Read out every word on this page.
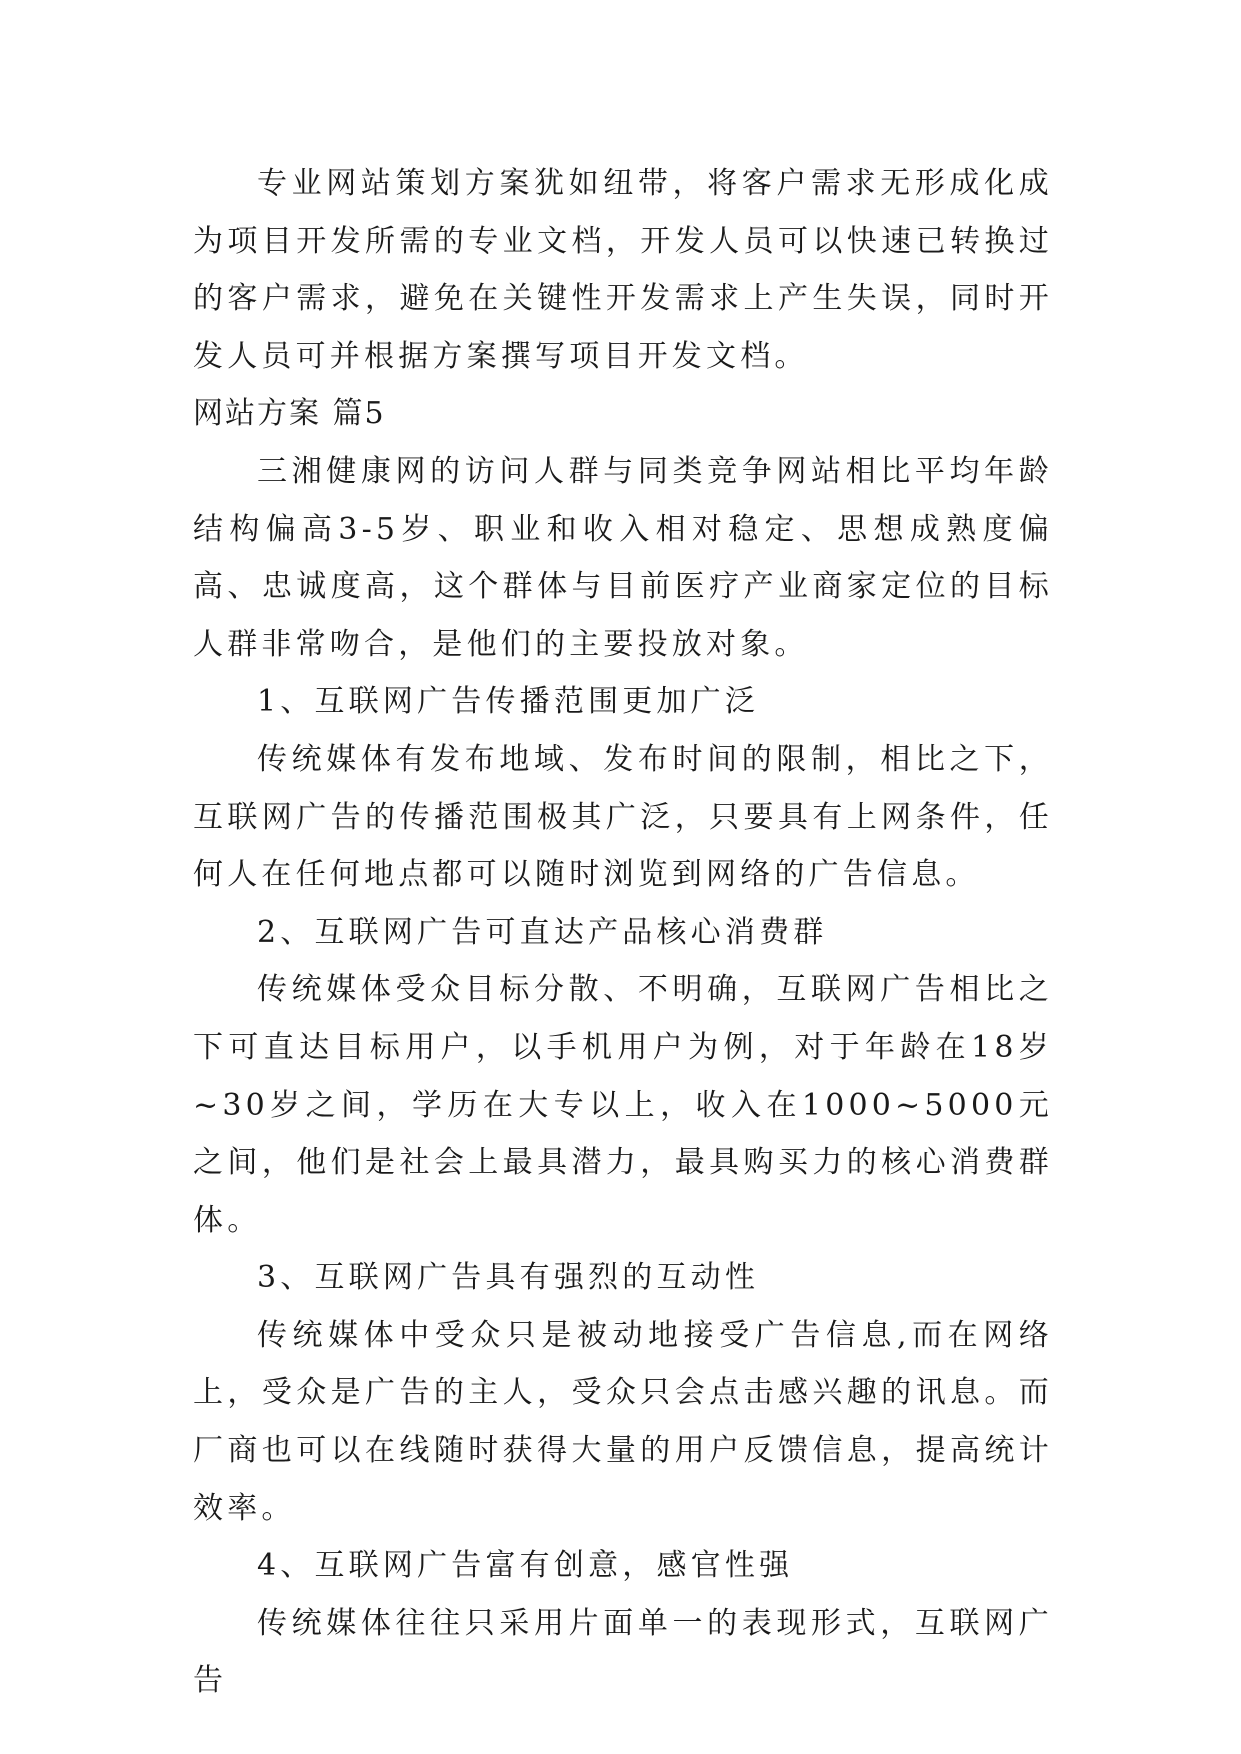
专业网站策划方案犹如纽带，将客户需求无形成化成为项目开发所需的专业文档，开发人员可以快速已转换过的客户需求，避免在关键性开发需求上产生失误，同时开发人员可并根据方案撰写项目开发文档。

网站方案 篇5

三湘健康网的访问人群与同类竞争网站相比平均年龄结构偏高3-5岁、职业和收入相对稳定、思想成熟度偏高、忠诚度高，这个群体与目前医疗产业商家定位的目标人群非常吻合，是他们的主要投放对象。

1、互联网广告传播范围更加广泛

传统媒体有发布地域、发布时间的限制，相比之下，互联网广告的传播范围极其广泛，只要具有上网条件，任何人在任何地点都可以随时浏览到网络的广告信息。

2、互联网广告可直达产品核心消费群

传统媒体受众目标分散、不明确，互联网广告相比之下可直达目标用户，以手机用户为例，对于年龄在18岁~30岁之间，学历在大专以上，收入在1000~5000元之间，他们是社会上最具潜力，最具购买力的核心消费群体。

3、互联网广告具有强烈的互动性

传统媒体中受众只是被动地接受广告信息,而在网络上，受众是广告的主人，受众只会点击感兴趣的讯息。而厂商也可以在线随时获得大量的用户反馈信息，提高统计效率。

4、互联网广告富有创意，感官性强

传统媒体往往只采用片面单一的表现形式，互联网广告
